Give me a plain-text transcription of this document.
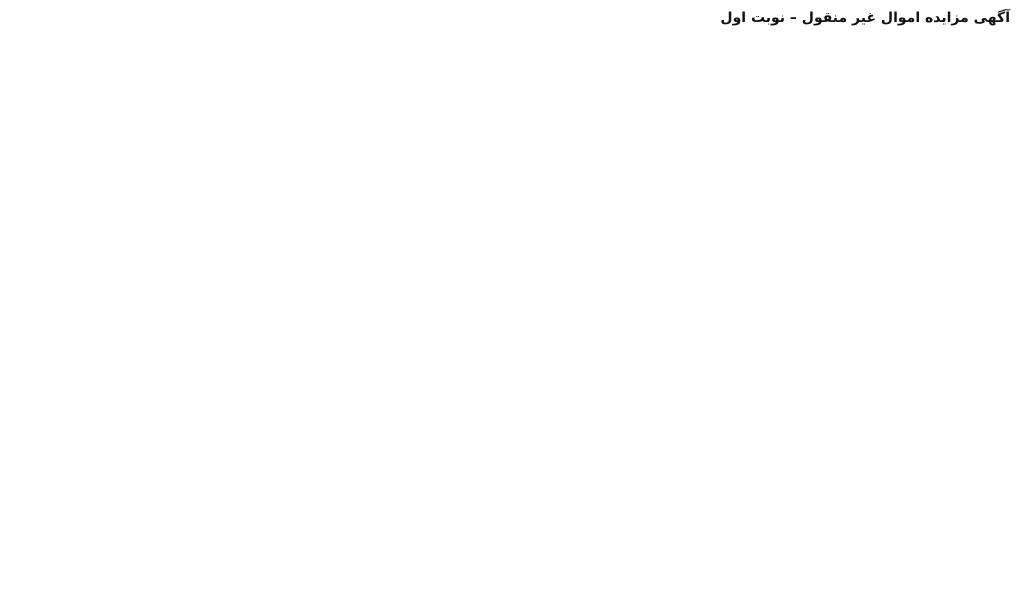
آگهی مزایده اموال غیر منقول – نوبت اول
